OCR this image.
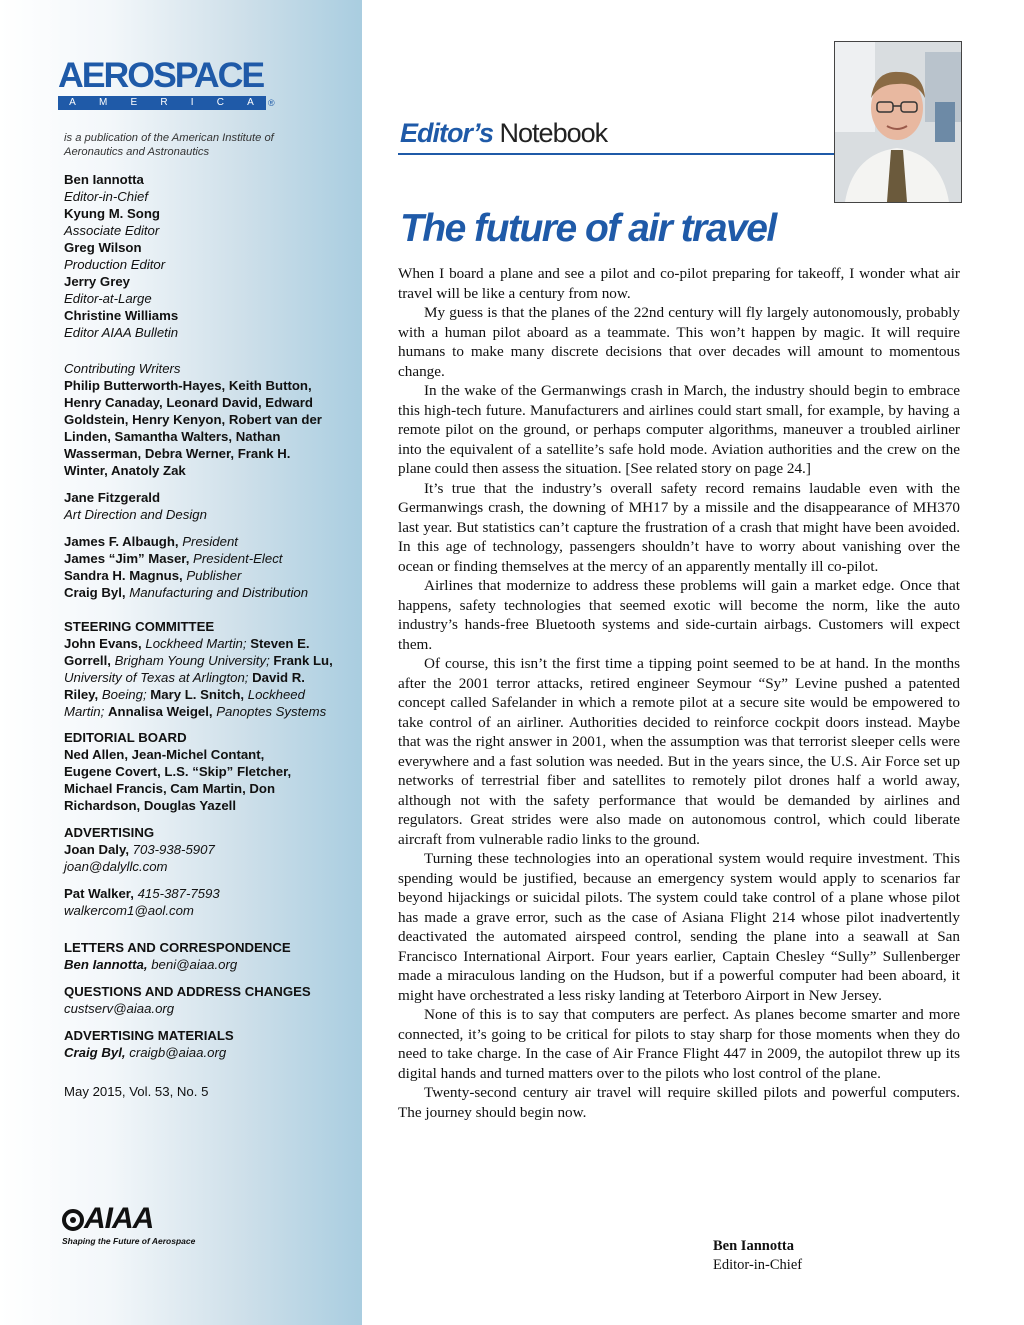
AEROSPACE
A M E R I C A ®
is a publication of the American Institute of Aeronautics and Astronautics
Ben Iannotta
Editor-in-Chief
Kyung M. Song
Associate Editor
Greg Wilson
Production Editor
Jerry Grey
Editor-at-Large
Christine Williams
Editor AIAA Bulletin
Contributing Writers
Philip Butterworth-Hayes, Keith Button, Henry Canaday, Leonard David, Edward Goldstein, Henry Kenyon, Robert van der Linden, Samantha Walters, Nathan Wasserman, Debra Werner, Frank H. Winter, Anatoly Zak
Jane Fitzgerald
Art Direction and Design
James F. Albaugh, President
James “Jim” Maser, President-Elect
Sandra H. Magnus, Publisher
Craig Byl, Manufacturing and Distribution
STEERING COMMITTEE
John Evans, Lockheed Martin; Steven E. Gorrell, Brigham Young University; Frank Lu, University of Texas at Arlington; David R. Riley, Boeing; Mary L. Snitch, Lockheed Martin; Annalisa Weigel, Panoptes Systems
EDITORIAL BOARD
Ned Allen, Jean-Michel Contant, Eugene Covert, L.S. “Skip” Fletcher, Michael Francis, Cam Martin, Don Richardson, Douglas Yazell
ADVERTISING
Joan Daly, 703-938-5907
joan@dalyllc.com
Pat Walker, 415-387-7593
walkercom1@aol.com
LETTERS AND CORRESPONDENCE
Ben Iannotta, beni@aiaa.org
QUESTIONS AND ADDRESS CHANGES
custserv@aiaa.org
ADVERTISING MATERIALS
Craig Byl, craigb@aiaa.org
May 2015, Vol. 53, No. 5
AIAA
Shaping the Future of Aerospace
Editor’s Notebook
The future of air travel

When I board a plane and see a pilot and co-pilot preparing for takeoff, I wonder what air travel will be like a century from now.

My guess is that the planes of the 22nd century will fly largely autonomously, probably with a human pilot aboard as a teammate. This won’t happen by magic. It will require humans to make many discrete decisions that over decades will amount to momentous change.

In the wake of the Germanwings crash in March, the industry should begin to embrace this high-tech future. Manufacturers and airlines could start small, for example, by having a remote pilot on the ground, or perhaps computer algorithms, maneuver a troubled airliner into the equivalent of a satellite’s safe hold mode. Aviation authorities and the crew on the plane could then assess the situation. [See related story on page 24.]

It’s true that the industry’s overall safety record remains laudable even with the Germanwings crash, the downing of MH17 by a missile and the disappearance of MH370 last year. But statistics can’t capture the frustration of a crash that might have been avoided. In this age of technology, passengers shouldn’t have to worry about vanishing over the ocean or finding themselves at the mercy of an apparently mentally ill co-pilot.

Airlines that modernize to address these problems will gain a market edge. Once that happens, safety technologies that seemed exotic will become the norm, like the auto industry’s hands-free Bluetooth systems and side-curtain airbags. Customers will expect them.

Of course, this isn’t the first time a tipping point seemed to be at hand. In the months after the 2001 terror attacks, retired engineer Seymour “Sy” Levine pushed a patented concept called Safelander in which a remote pilot at a secure site would be empowered to take control of an airliner. Authorities decided to reinforce cockpit doors instead. Maybe that was the right answer in 2001, when the assumption was that terrorist sleeper cells were everywhere and a fast solution was needed. But in the years since, the U.S. Air Force set up networks of terrestrial fiber and satellites to remotely pilot drones half a world away, although not with the safety performance that would be demanded by airlines and regulators. Great strides were also made on autonomous control, which could liberate aircraft from vulnerable radio links to the ground.

Turning these technologies into an operational system would require investment. This spending would be justified, because an emergency system would apply to scenarios far beyond hijackings or suicidal pilots. The system could take control of a plane whose pilot has made a grave error, such as the case of Asiana Flight 214 whose pilot inadvertently deactivated the automated airspeed control, sending the plane into a seawall at San Francisco International Airport. Four years earlier, Captain Chesley “Sully” Sullenberger made a miraculous landing on the Hudson, but if a powerful computer had been aboard, it might have orchestrated a less risky landing at Teterboro Airport in New Jersey.

None of this is to say that computers are perfect. As planes become smarter and more connected, it’s going to be critical for pilots to stay sharp for those moments when they do need to take charge. In the case of Air France Flight 447 in 2009, the autopilot threw up its digital hands and turned matters over to the pilots who lost control of the plane.

Twenty-second century air travel will require skilled pilots and powerful computers. The journey should begin now.

Ben Iannotta
Editor-in-Chief
